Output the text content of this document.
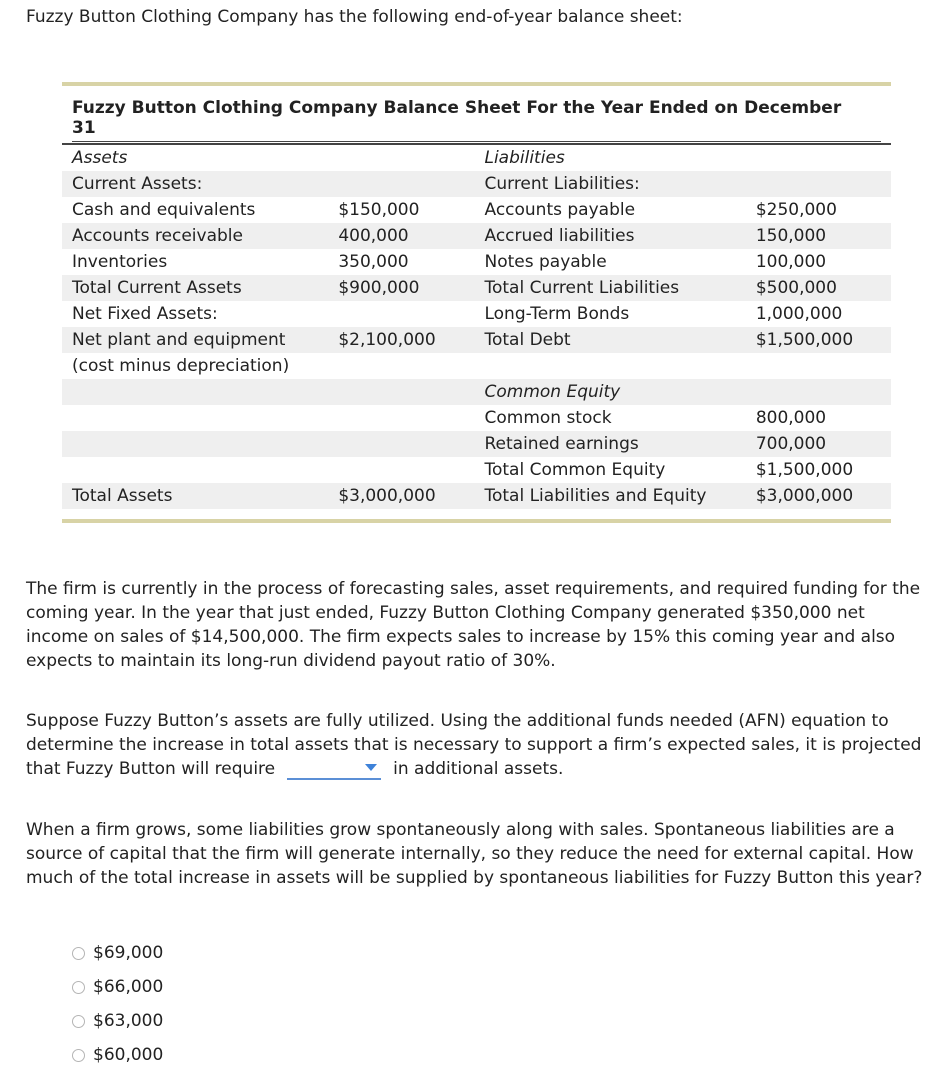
Fuzzy Button Clothing Company has the following end-of-year balance sheet:
Fuzzy Button Clothing Company Balance Sheet For the Year Ended on December
31
Assets		Liabilities	
Current Assets:		Current Liabilities:	
Cash and equivalents	$150,000	Accounts payable	$250,000
Accounts receivable	400,000	Accrued liabilities	150,000
Inventories	350,000	Notes payable	100,000
Total Current Assets	$900,000	Total Current Liabilities	$500,000
Net Fixed Assets:		Long-Term Bonds	1,000,000
Net plant and equipment	$2,100,000	Total Debt	$1,500,000
(cost minus depreciation)			
		Common Equity	
		Common stock	800,000
		Retained earnings	700,000
		Total Common Equity	$1,500,000
Total Assets	$3,000,000	Total Liabilities and Equity	$3,000,000
The firm is currently in the process of forecasting sales, asset requirements, and required funding for the coming year. In the year that just ended, Fuzzy Button Clothing Company generated $350,000 net income on sales of $14,500,000. The firm expects sales to increase by 15% this coming year and also expects to maintain its long-run dividend payout ratio of 30%.
Suppose Fuzzy Button’s assets are fully utilized. Using the additional funds needed (AFN) equation to determine the increase in total assets that is necessary to support a firm’s expected sales, it is projected that Fuzzy Button will require	in additional assets.
When a firm grows, some liabilities grow spontaneously along with sales. Spontaneous liabilities are a source of capital that the firm will generate internally, so they reduce the need for external capital. How much of the total increase in assets will be supplied by spontaneous liabilities for Fuzzy Button this year?
$69,000
$66,000
$63,000
$60,000
